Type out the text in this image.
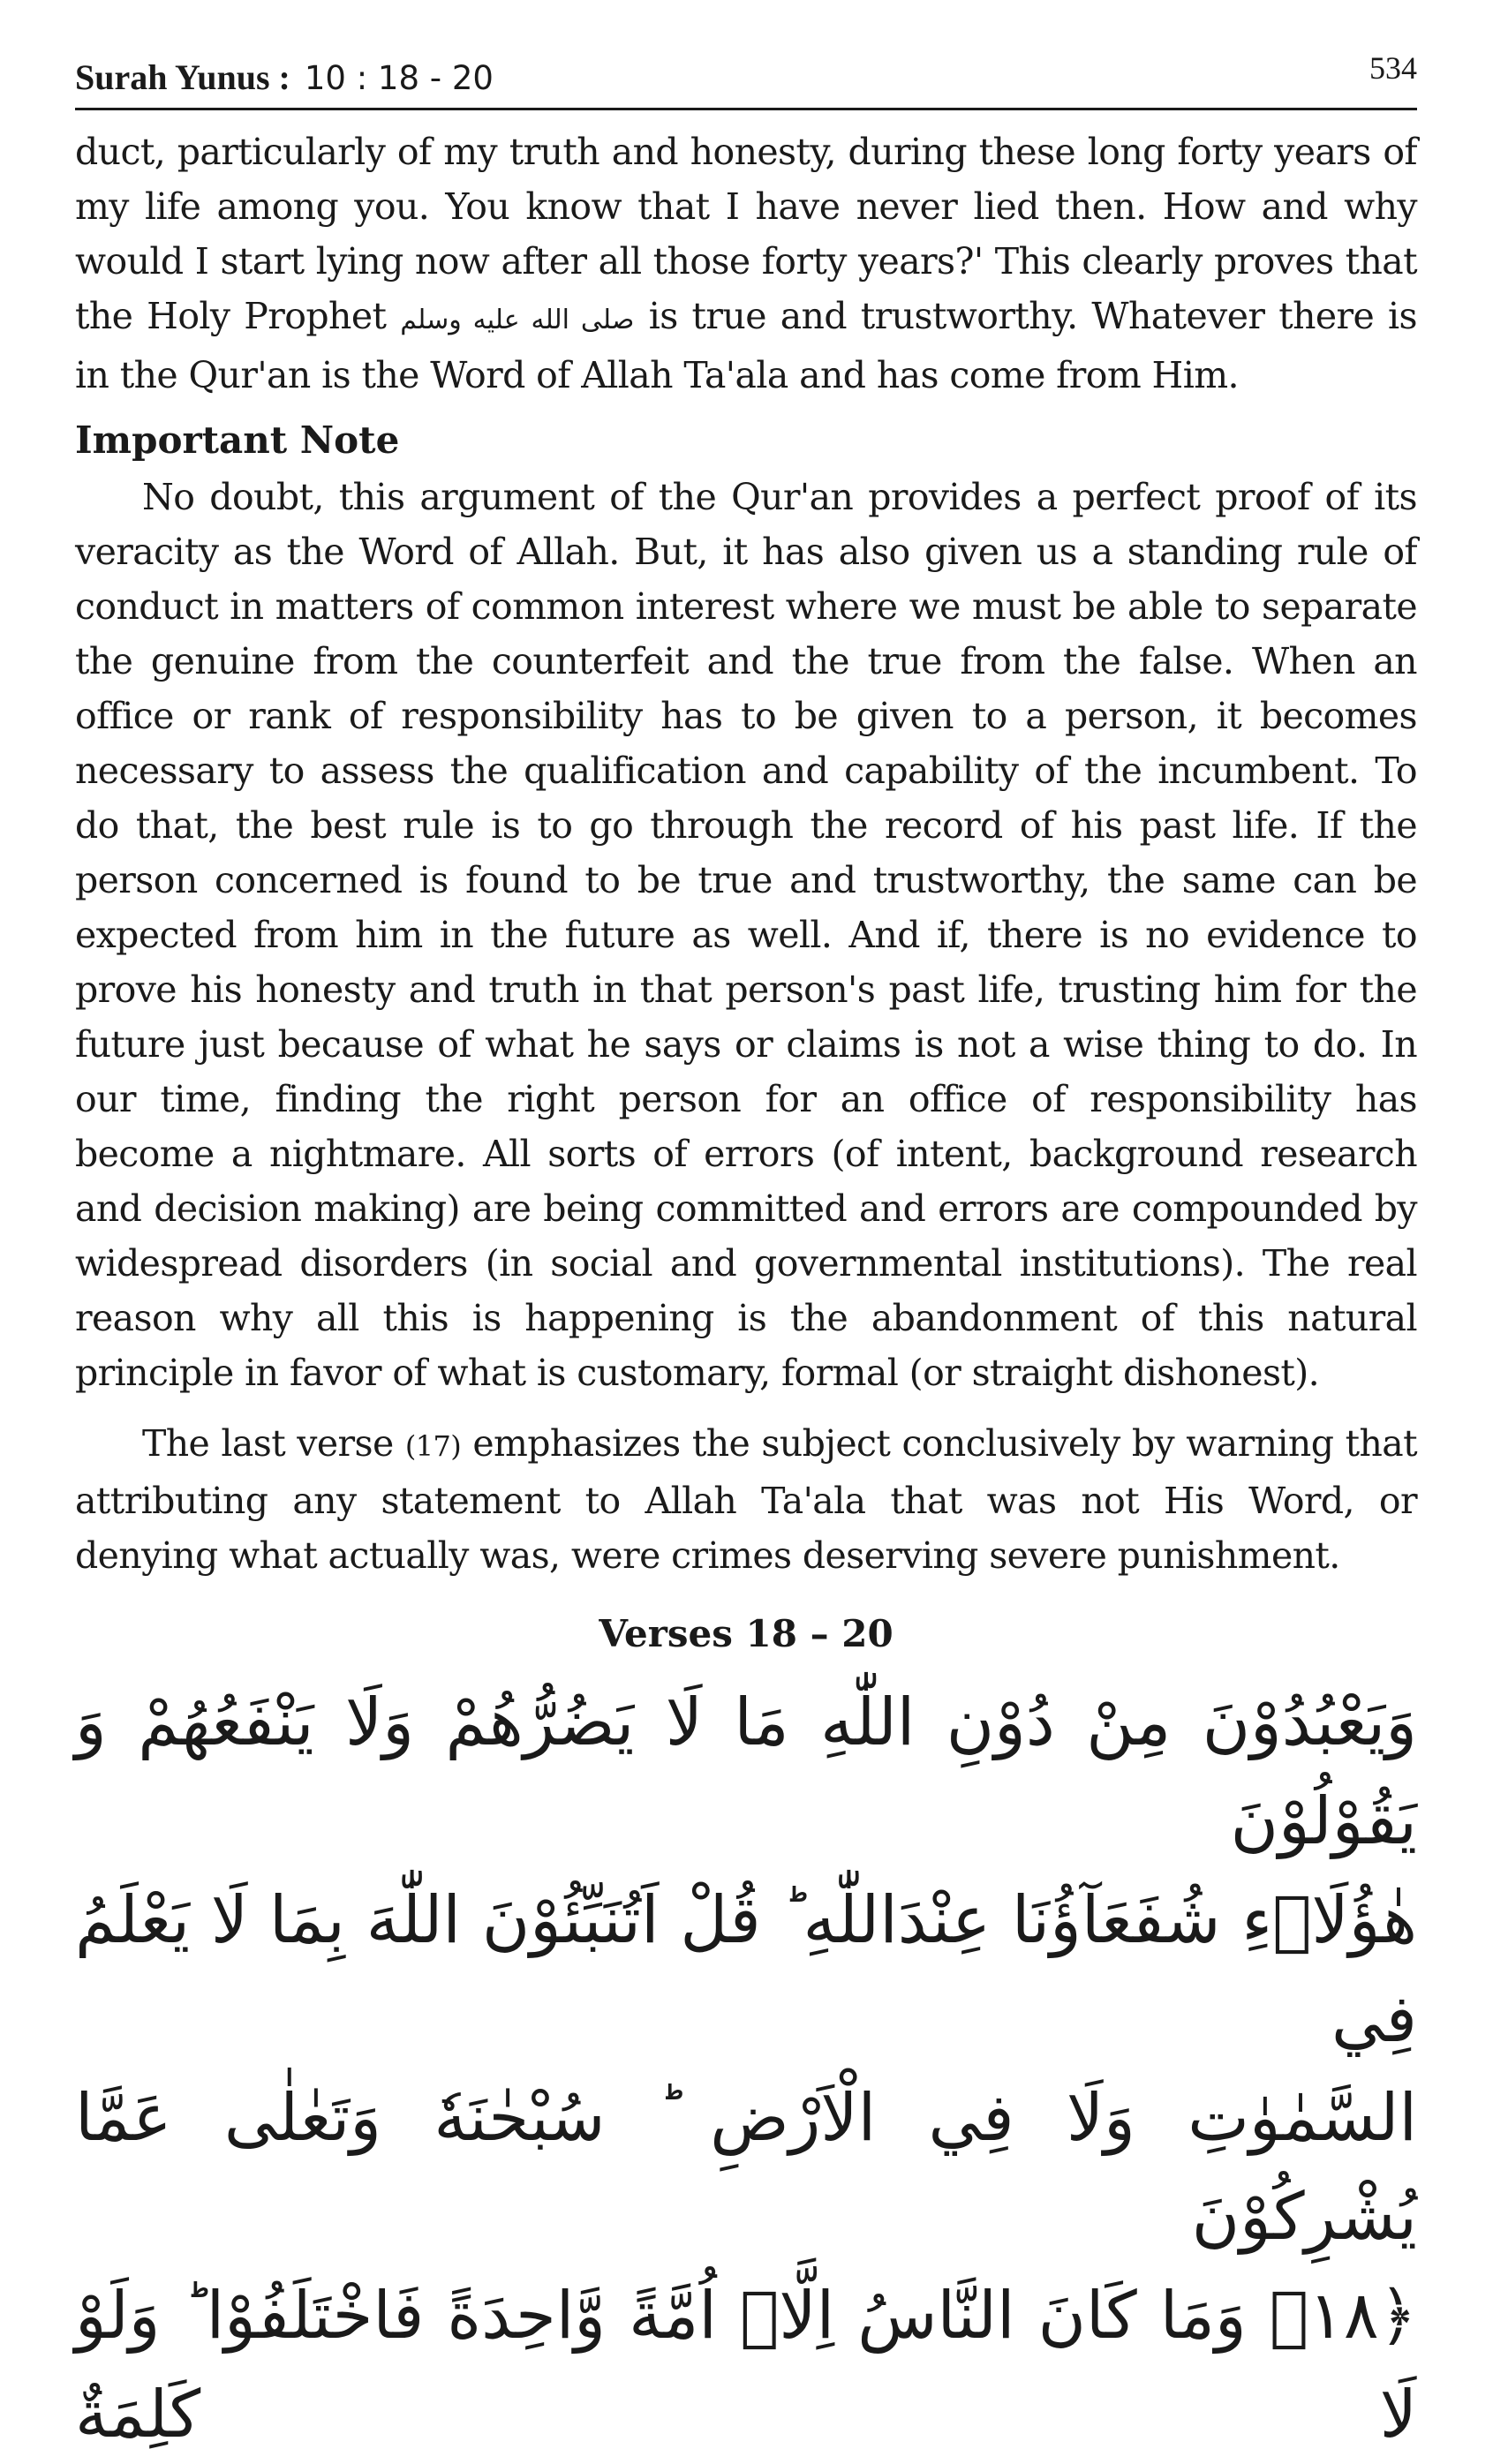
Surah Yunus : 10 : 18 - 20	534

duct, particularly of my truth and honesty, during these long forty years of my life among you. You know that I have never lied then. How and why would I start lying now after all those forty years?' This clearly proves that the Holy Prophet صلى الله عليه وسلم is true and trustworthy. Whatever there is in the Qur'an is the Word of Allah Ta'ala and has come from Him.

Important Note

No doubt, this argument of the Qur'an provides a perfect proof of its veracity as the Word of Allah. But, it has also given us a standing rule of conduct in matters of common interest where we must be able to separate the genuine from the counterfeit and the true from the false. When an office or rank of responsibility has to be given to a person, it becomes necessary to assess the qualification and capability of the incumbent. To do that, the best rule is to go through the record of his past life. If the person concerned is found to be true and trustworthy, the same can be expected from him in the future as well. And if, there is no evidence to prove his honesty and truth in that person's past life, trusting him for the future just because of what he says or claims is not a wise thing to do. In our time, finding the right person for an office of responsibility has become a nightmare. All sorts of errors (of intent, background research and decision making) are being committed and errors are compounded by widespread disorders (in social and governmental institutions). The real reason why all this is happening is the abandonment of this natural principle in favor of what is customary, formal (or straight dishonest).

The last verse (17) emphasizes the subject conclusively by warning that attributing any statement to Allah Ta'ala that was not His Word, or denying what actually was, were crimes deserving severe punishment.

Verses 18 – 20

وَيَعْبُدُوْنَ مِنْ دُوْنِ اللّٰهِ مَا لَا يَضُرُّهُمْ وَلَا يَنْفَعُهُمْ وَ يَقُوْلُوْنَ

هٰؤُلَاۤءِ شُفَعَآؤُنَا عِنْدَاللّٰهِ ؕ قُلْ اَتُنَبِّئُوْنَ اللّٰهَ بِمَا لَا يَعْلَمُ فِي

السَّمٰوٰتِ وَلَا فِي الْاَرْضِ ؕ سُبْحٰنَهٗ وَتَعٰلٰى عَمَّا يُشْرِكُوْنَ

﴿۱۸﴾ وَمَا كَانَ النَّاسُ اِلَّاۤ اُمَّةً وَّاحِدَةً فَاخْتَلَفُوْا ؕ وَلَوْ لَا كَلِمَةٌ
